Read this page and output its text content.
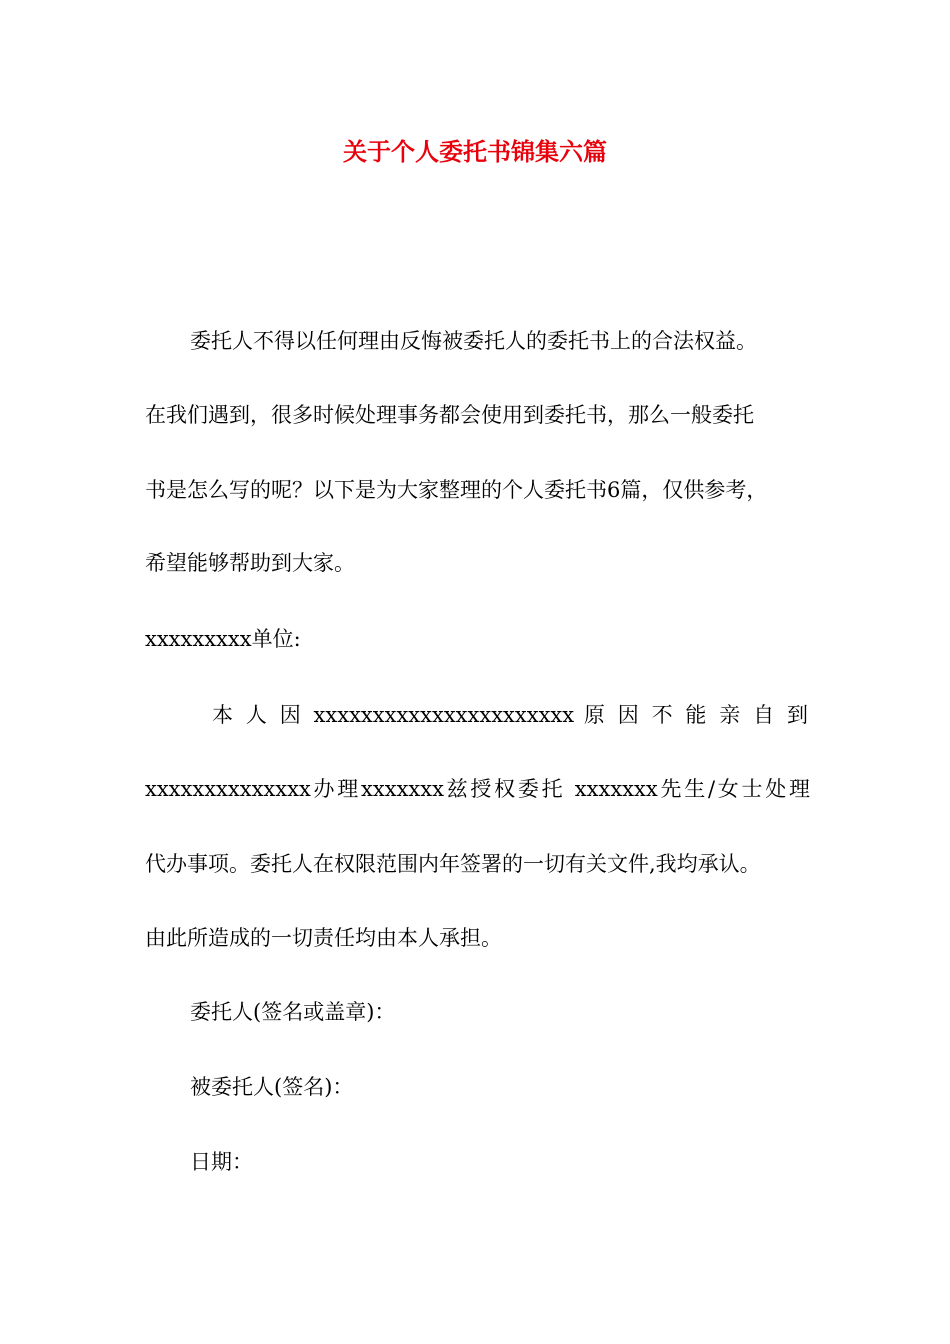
关于个人委托书锦集六篇
委托人不得以任何理由反悔被委托人的委托书上的合法权益。
在我们遇到，很多时候处理事务都会使用到委托书，那么一般委托
书是怎么写的呢？以下是为大家整理的个人委托书6篇，仅供参考，
希望能够帮助到大家。
xxxxxxxxx单位:
本 人 因 xxxxxxxxxxxxxxxxxxxxxx 原 因 不 能 亲 自 到
xxxxxxxxxxxxxx办理xxxxxxx兹授权委托 xxxxxxx先生/女士处理
代办事项。委托人在权限范围内年签署的一切有关文件,我均承认。
由此所造成的一切责任均由本人承担。
委托人(签名或盖章)：
被委托人(签名)：
日期：
